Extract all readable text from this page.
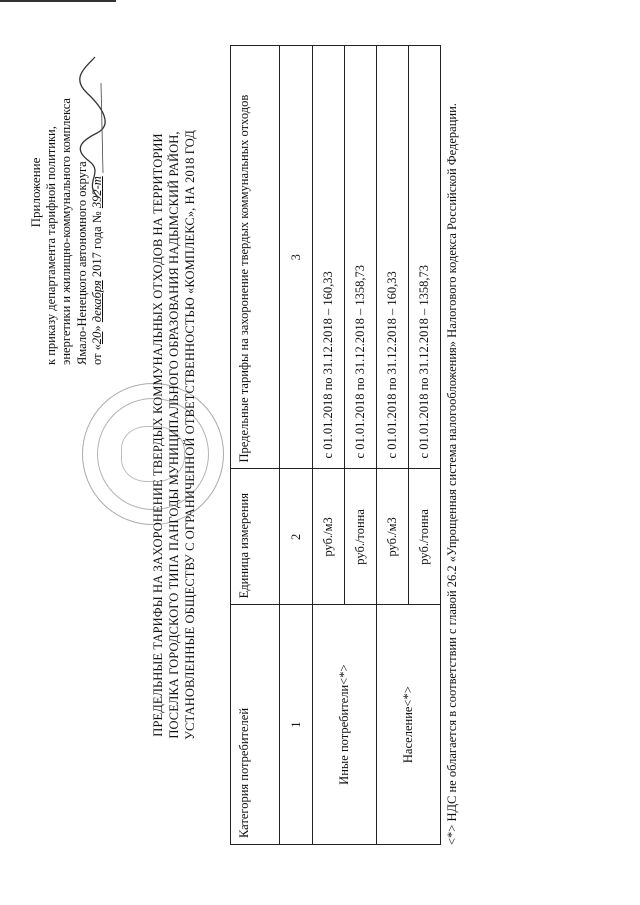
Приложение к приказу департамента тарифной политики, энергетики и жилищно-коммунального комплекса Ямало-Ненецкого автономного округа от «20» декабря 2017 года № 392-т	ПРЕДЕЛЬНЫЕ ТАРИФЫ НА ЗАХОРОНЕНИЕ ТВЕРДЫХ КОММУНАЛЬНЫХ ОТХОДОВ НА ТЕРРИТОРИИ ПОСЕЛКА ГОРОДСКОГО ТИПА ПАНГОДЫ МУНИЦИПАЛЬНОГО ОБРАЗОВАНИЯ НАДЫМСКИЙ РАЙОН, УСТАНОВЛЕННЫЕ ОБЩЕСТВУ С ОГРАНИЧЕННОЙ ОТВЕТСТВЕННОСТЬЮ «КОМПЛЕКС», НА 2018 ГОД
Категория потребителей	Единица измерения	Предельные тарифы на захоронение твердых коммунальных отходов
1	2	3
Иные потребители<*>	руб./м3	с 01.01.2018 по 31.12.2018 – 160,33
	руб./тонна	с 01.01.2018 по 31.12.2018 – 1358,73
Население<*>	руб./м3	с 01.01.2018 по 31.12.2018 – 160,33
	руб./тонна	с 01.01.2018 по 31.12.2018 – 1358,73 <*> НДС не облагается в соответствии с главой 26.2 «Упрощенная система налогообложения» Налогового кодекса Российской Федерации.
